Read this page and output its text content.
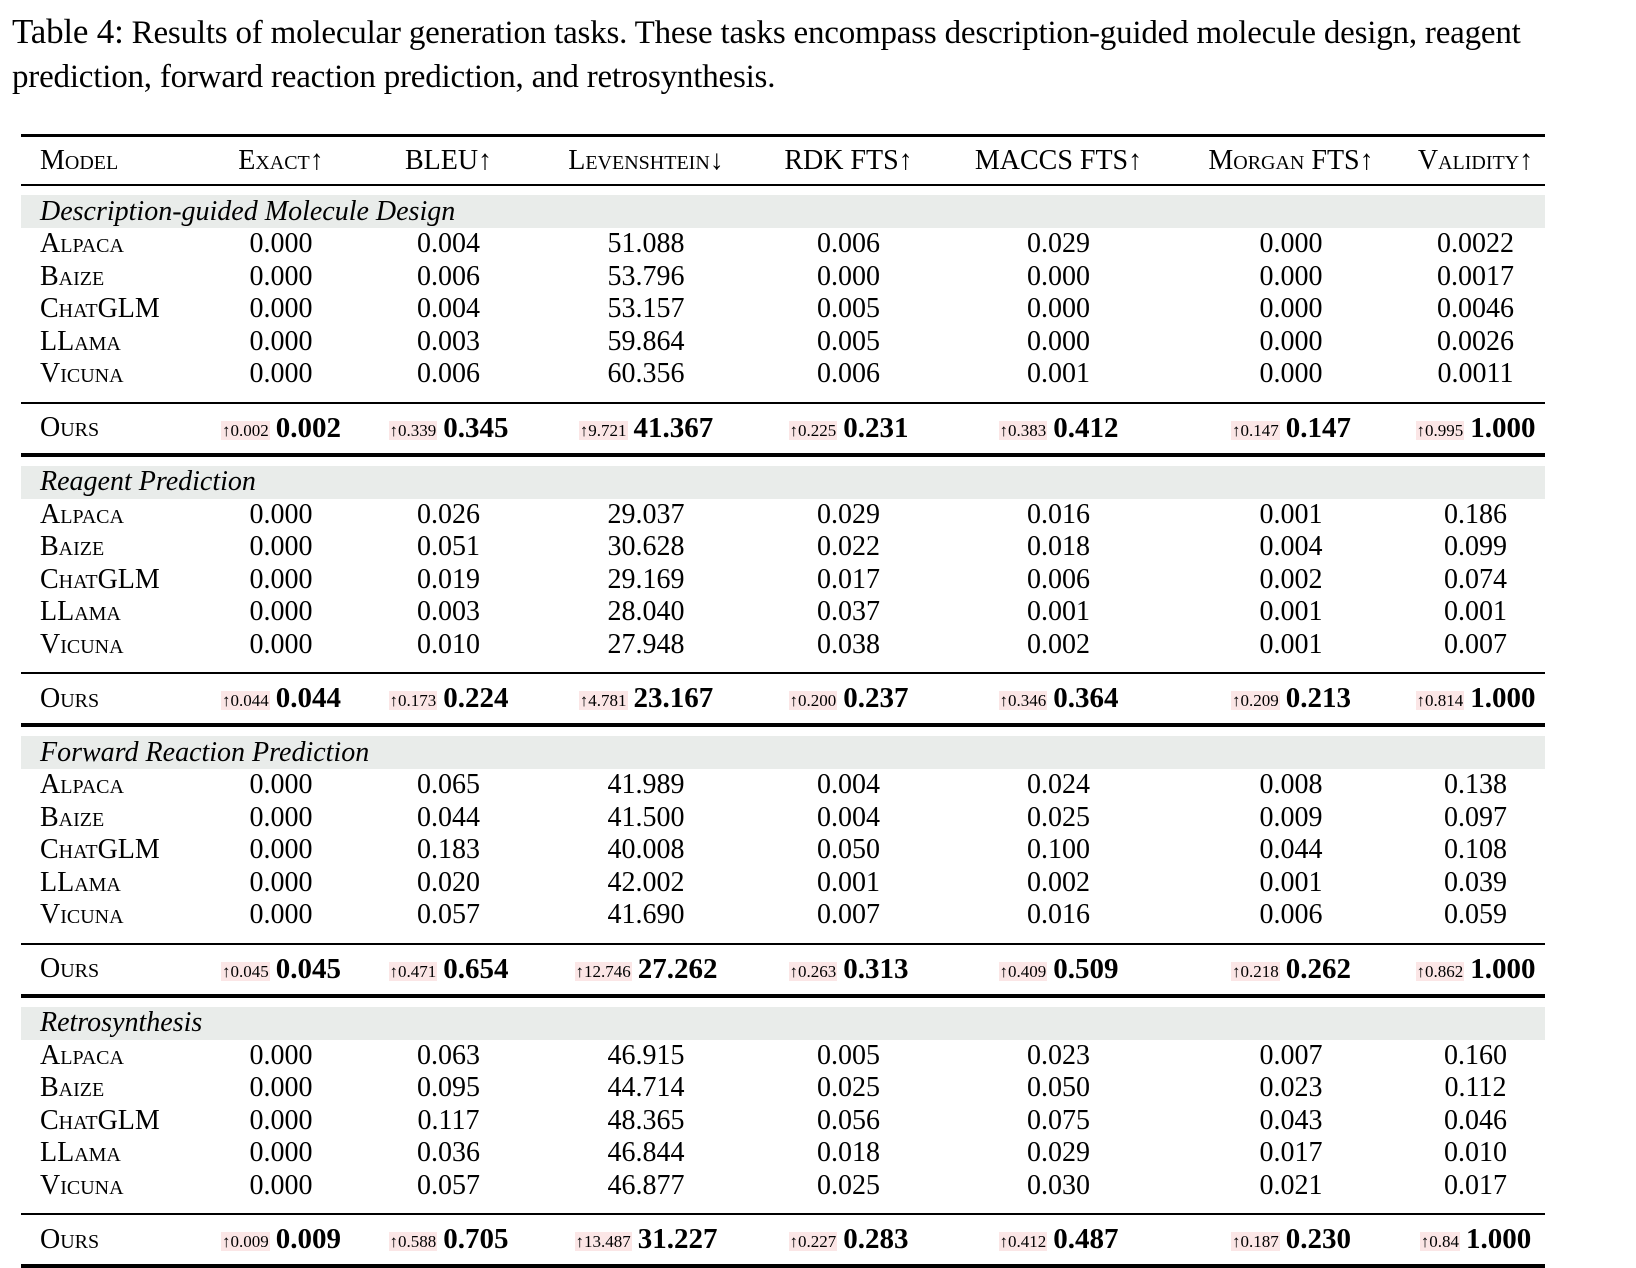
Table 4: Results of molecular generation tasks. These tasks encompass description-guided molecule design, reagent prediction, forward reaction prediction, and retrosynthesis.
Model	Exact↑	BLEU↑	Levenshtein↓	RDK FTS↑	MACCS FTS↑	Morgan FTS↑	Validity↑
Description-guided Molecule Design
Alpaca	0.000	0.004	51.088	0.006	0.029	0.000	0.0022
Baize	0.000	0.006	53.796	0.000	0.000	0.000	0.0017
ChatGLM	0.000	0.004	53.157	0.005	0.000	0.000	0.0046
LLama	0.000	0.003	59.864	0.005	0.000	0.000	0.0026
Vicuna	0.000	0.006	60.356	0.006	0.001	0.000	0.0011
Ours	↑0.002 0.002	↑0.339 0.345	↑9.721 41.367	↑0.225 0.231	↑0.383 0.412	↑0.147 0.147	↑0.995 1.000
Reagent Prediction
Alpaca	0.000	0.026	29.037	0.029	0.016	0.001	0.186
Baize	0.000	0.051	30.628	0.022	0.018	0.004	0.099
ChatGLM	0.000	0.019	29.169	0.017	0.006	0.002	0.074
LLama	0.000	0.003	28.040	0.037	0.001	0.001	0.001
Vicuna	0.000	0.010	27.948	0.038	0.002	0.001	0.007
Ours	↑0.044 0.044	↑0.173 0.224	↑4.781 23.167	↑0.200 0.237	↑0.346 0.364	↑0.209 0.213	↑0.814 1.000
Forward Reaction Prediction
Alpaca	0.000	0.065	41.989	0.004	0.024	0.008	0.138
Baize	0.000	0.044	41.500	0.004	0.025	0.009	0.097
ChatGLM	0.000	0.183	40.008	0.050	0.100	0.044	0.108
LLama	0.000	0.020	42.002	0.001	0.002	0.001	0.039
Vicuna	0.000	0.057	41.690	0.007	0.016	0.006	0.059
Ours	↑0.045 0.045	↑0.471 0.654	↑12.746 27.262	↑0.263 0.313	↑0.409 0.509	↑0.218 0.262	↑0.862 1.000
Retrosynthesis
Alpaca	0.000	0.063	46.915	0.005	0.023	0.007	0.160
Baize	0.000	0.095	44.714	0.025	0.050	0.023	0.112
ChatGLM	0.000	0.117	48.365	0.056	0.075	0.043	0.046
LLama	0.000	0.036	46.844	0.018	0.029	0.017	0.010
Vicuna	0.000	0.057	46.877	0.025	0.030	0.021	0.017
Ours	↑0.009 0.009	↑0.588 0.705	↑13.487 31.227	↑0.227 0.283	↑0.412 0.487	↑0.187 0.230	↑0.84 1.000
